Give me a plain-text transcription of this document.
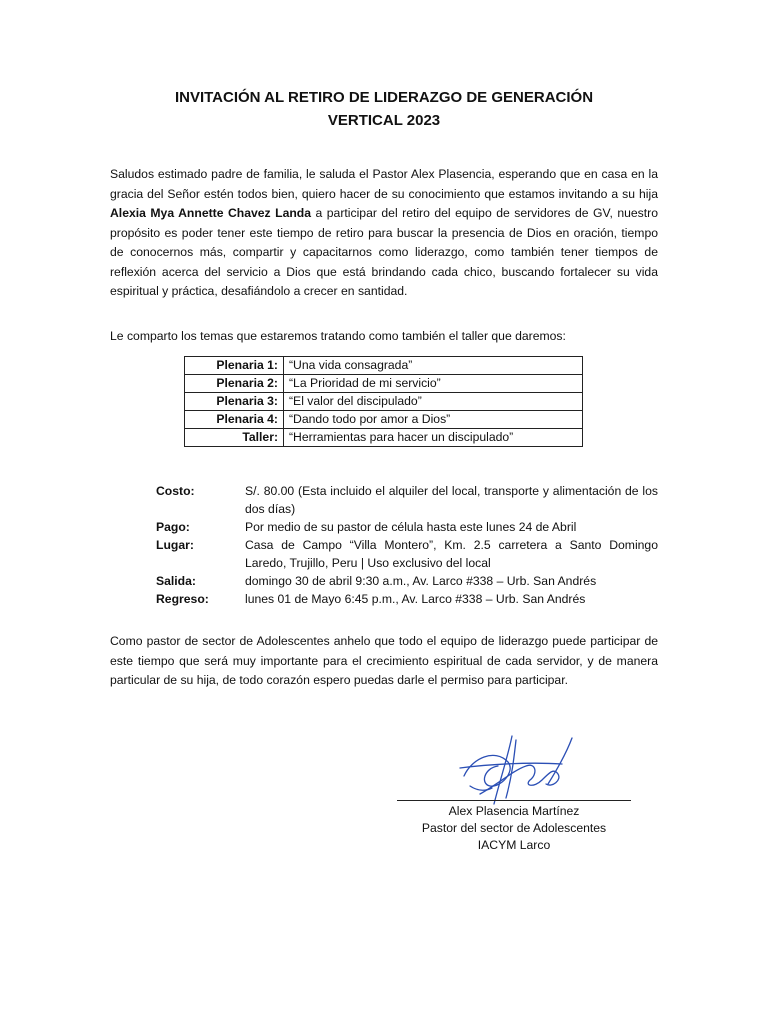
INVITACIÓN AL RETIRO DE LIDERAZGO DE GENERACIÓN
VERTICAL 2023
Saludos estimado padre de familia, le saluda el Pastor Alex Plasencia, esperando que en casa en la gracia del Señor estén todos bien, quiero hacer de su conocimiento que estamos invitando a su hija Alexia Mya Annette Chavez Landa a participar del retiro del equipo de servidores de GV, nuestro propósito es poder tener este tiempo de retiro para buscar la presencia de Dios en oración, tiempo de conocernos más, compartir y capacitarnos como liderazgo, como también tener tiempos de reflexión acerca del servicio a Dios que está brindando cada chico, buscando fortalecer su vida espiritual y práctica, desafiándolo a crecer en santidad.
Le comparto los temas que estaremos tratando como también el taller que daremos:
Plenaria 1:	“Una vida consagrada”
Plenaria 2:	“La Prioridad de mi servicio”
Plenaria 3:	“El valor del discipulado”
Plenaria 4:	“Dando todo por amor a Dios”
Taller:	“Herramientas para hacer un discipulado”
Costo:	S/. 80.00 (Esta incluido el alquiler del local, transporte y alimentación de los dos días)
Pago:	Por medio de su pastor de célula hasta este lunes 24 de Abril
Lugar:	Casa de Campo “Villa Montero”, Km. 2.5 carretera a Santo Domingo Laredo, Trujillo, Peru | Uso exclusivo del local
Salida:	domingo 30 de abril 9:30 a.m., Av. Larco #338 – Urb. San Andrés
Regreso:	lunes 01 de Mayo 6:45 p.m., Av. Larco #338 – Urb. San Andrés
Como pastor de sector de Adolescentes anhelo que todo el equipo de liderazgo puede participar de este tiempo que será muy importante para el crecimiento espiritual de cada servidor, y de manera particular de su hija, de todo corazón espero puedas darle el permiso para participar.
Alex Plasencia Martínez
Pastor del sector de Adolescentes
IACYM Larco
